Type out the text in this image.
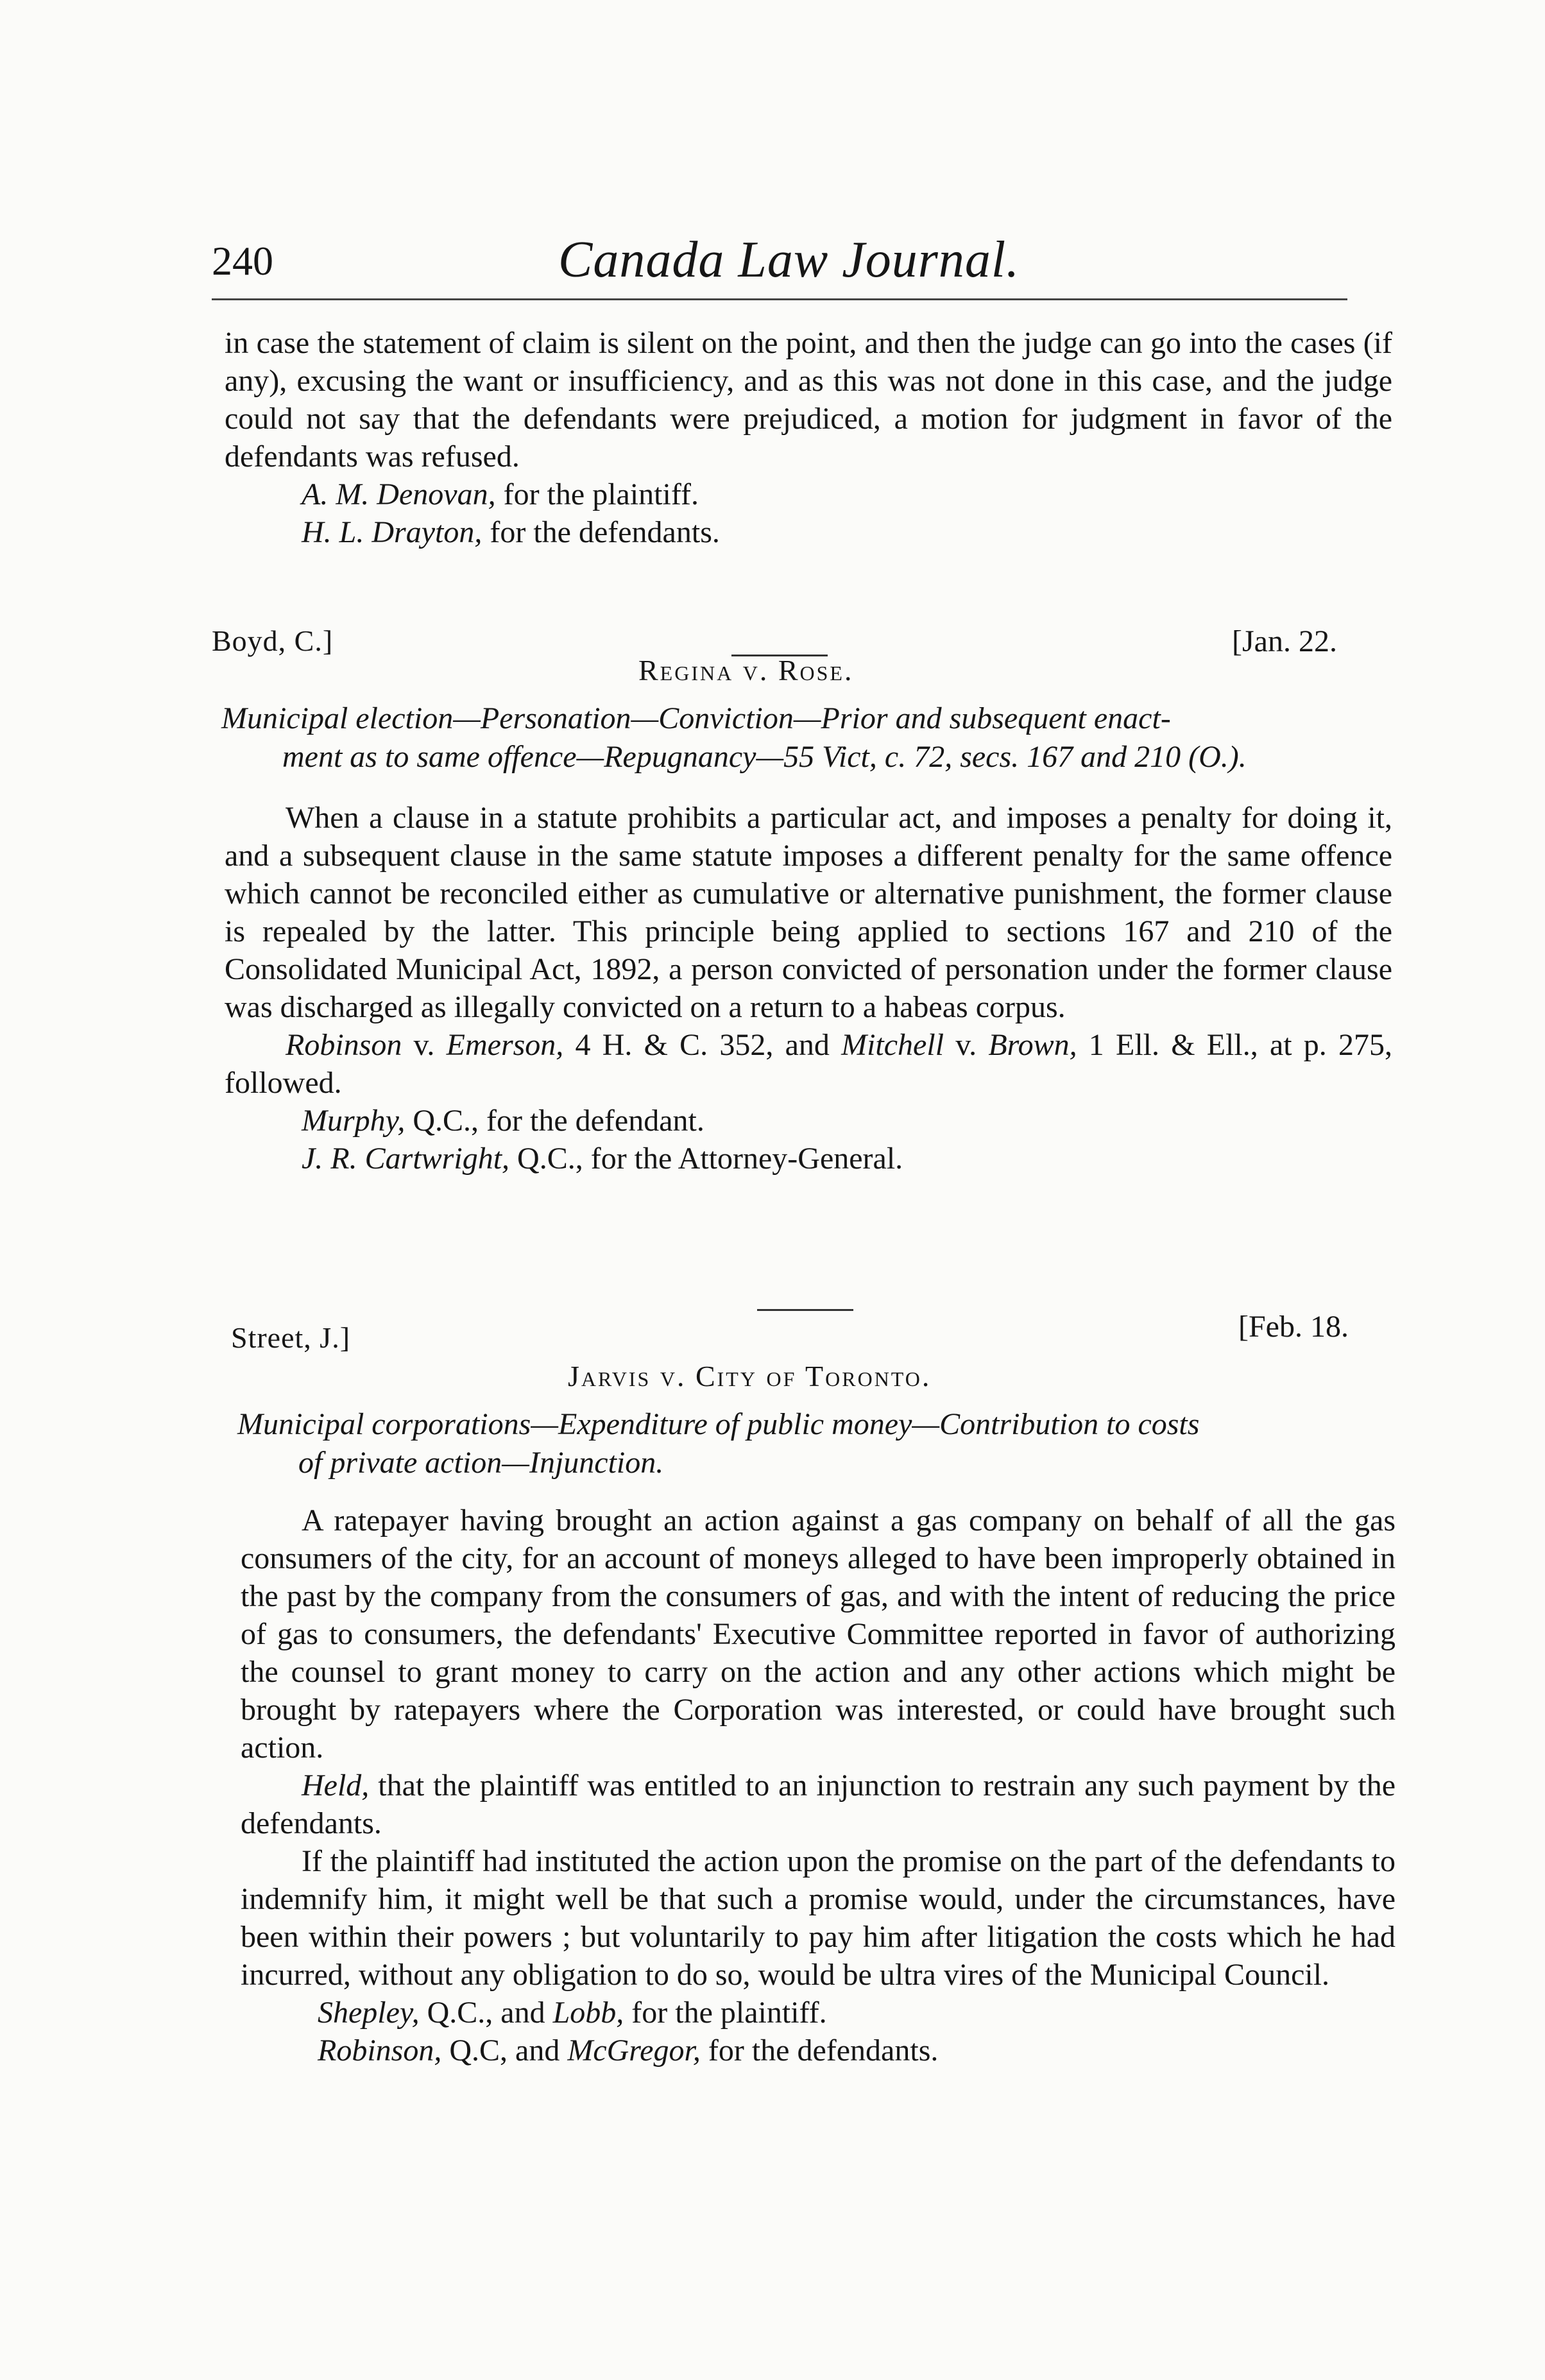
240	Canada Law Journal.

in case the statement of claim is silent on the point, and then the judge can go into the cases (if any), excusing the want or insufficiency, and as this was not done in this case, and the judge could not say that the defendants were prejudiced, a motion for judgment in favor of the defendants was refused.

A. M. Denovan, for the plaintiff.

H. L. Drayton, for the defendants.

Boyd, C.]	[Jan. 22.
Regina v. Rose.
Municipal election—Personation—Conviction—Prior and subsequent enact-
ment as to same offence—Repugnancy—55 Vict, c. 72, secs. 167 and 210 (O.).

When a clause in a statute prohibits a particular act, and imposes a penalty for doing it, and a subsequent clause in the same statute imposes a different penalty for the same offence which cannot be reconciled either as cumulative or alternative punishment, the former clause is repealed by the latter. This principle being applied to sections 167 and 210 of the Consolidated Municipal Act, 1892, a person convicted of personation under the former clause was discharged as illegally convicted on a return to a habeas corpus.

Robinson v. Emerson, 4 H. & C. 352, and Mitchell v. Brown, 1 Ell. & Ell., at p. 275, followed.

Murphy, Q.C., for the defendant.

J. R. Cartwright, Q.C., for the Attorney-General.

Street, J.]	[Feb. 18.
Jarvis v. City of Toronto.
Municipal corporations—Expenditure of public money—Contribution to costs
of private action—Injunction.

A ratepayer having brought an action against a gas company on behalf of all the gas consumers of the city, for an account of moneys alleged to have been improperly obtained in the past by the company from the consumers of gas, and with the intent of reducing the price of gas to consumers, the defendants' Executive Committee reported in favor of authorizing the counsel to grant money to carry on the action and any other actions which might be brought by ratepayers where the Corporation was interested, or could have brought such action.

Held, that the plaintiff was entitled to an injunction to restrain any such payment by the defendants.

If the plaintiff had instituted the action upon the promise on the part of the defendants to indemnify him, it might well be that such a promise would, under the circumstances, have been within their powers ; but voluntarily to pay him after litigation the costs which he had incurred, without any obligation to do so, would be ultra vires of the Municipal Council.

Shepley, Q.C., and Lobb, for the plaintiff.

Robinson, Q.C, and McGregor, for the defendants.
